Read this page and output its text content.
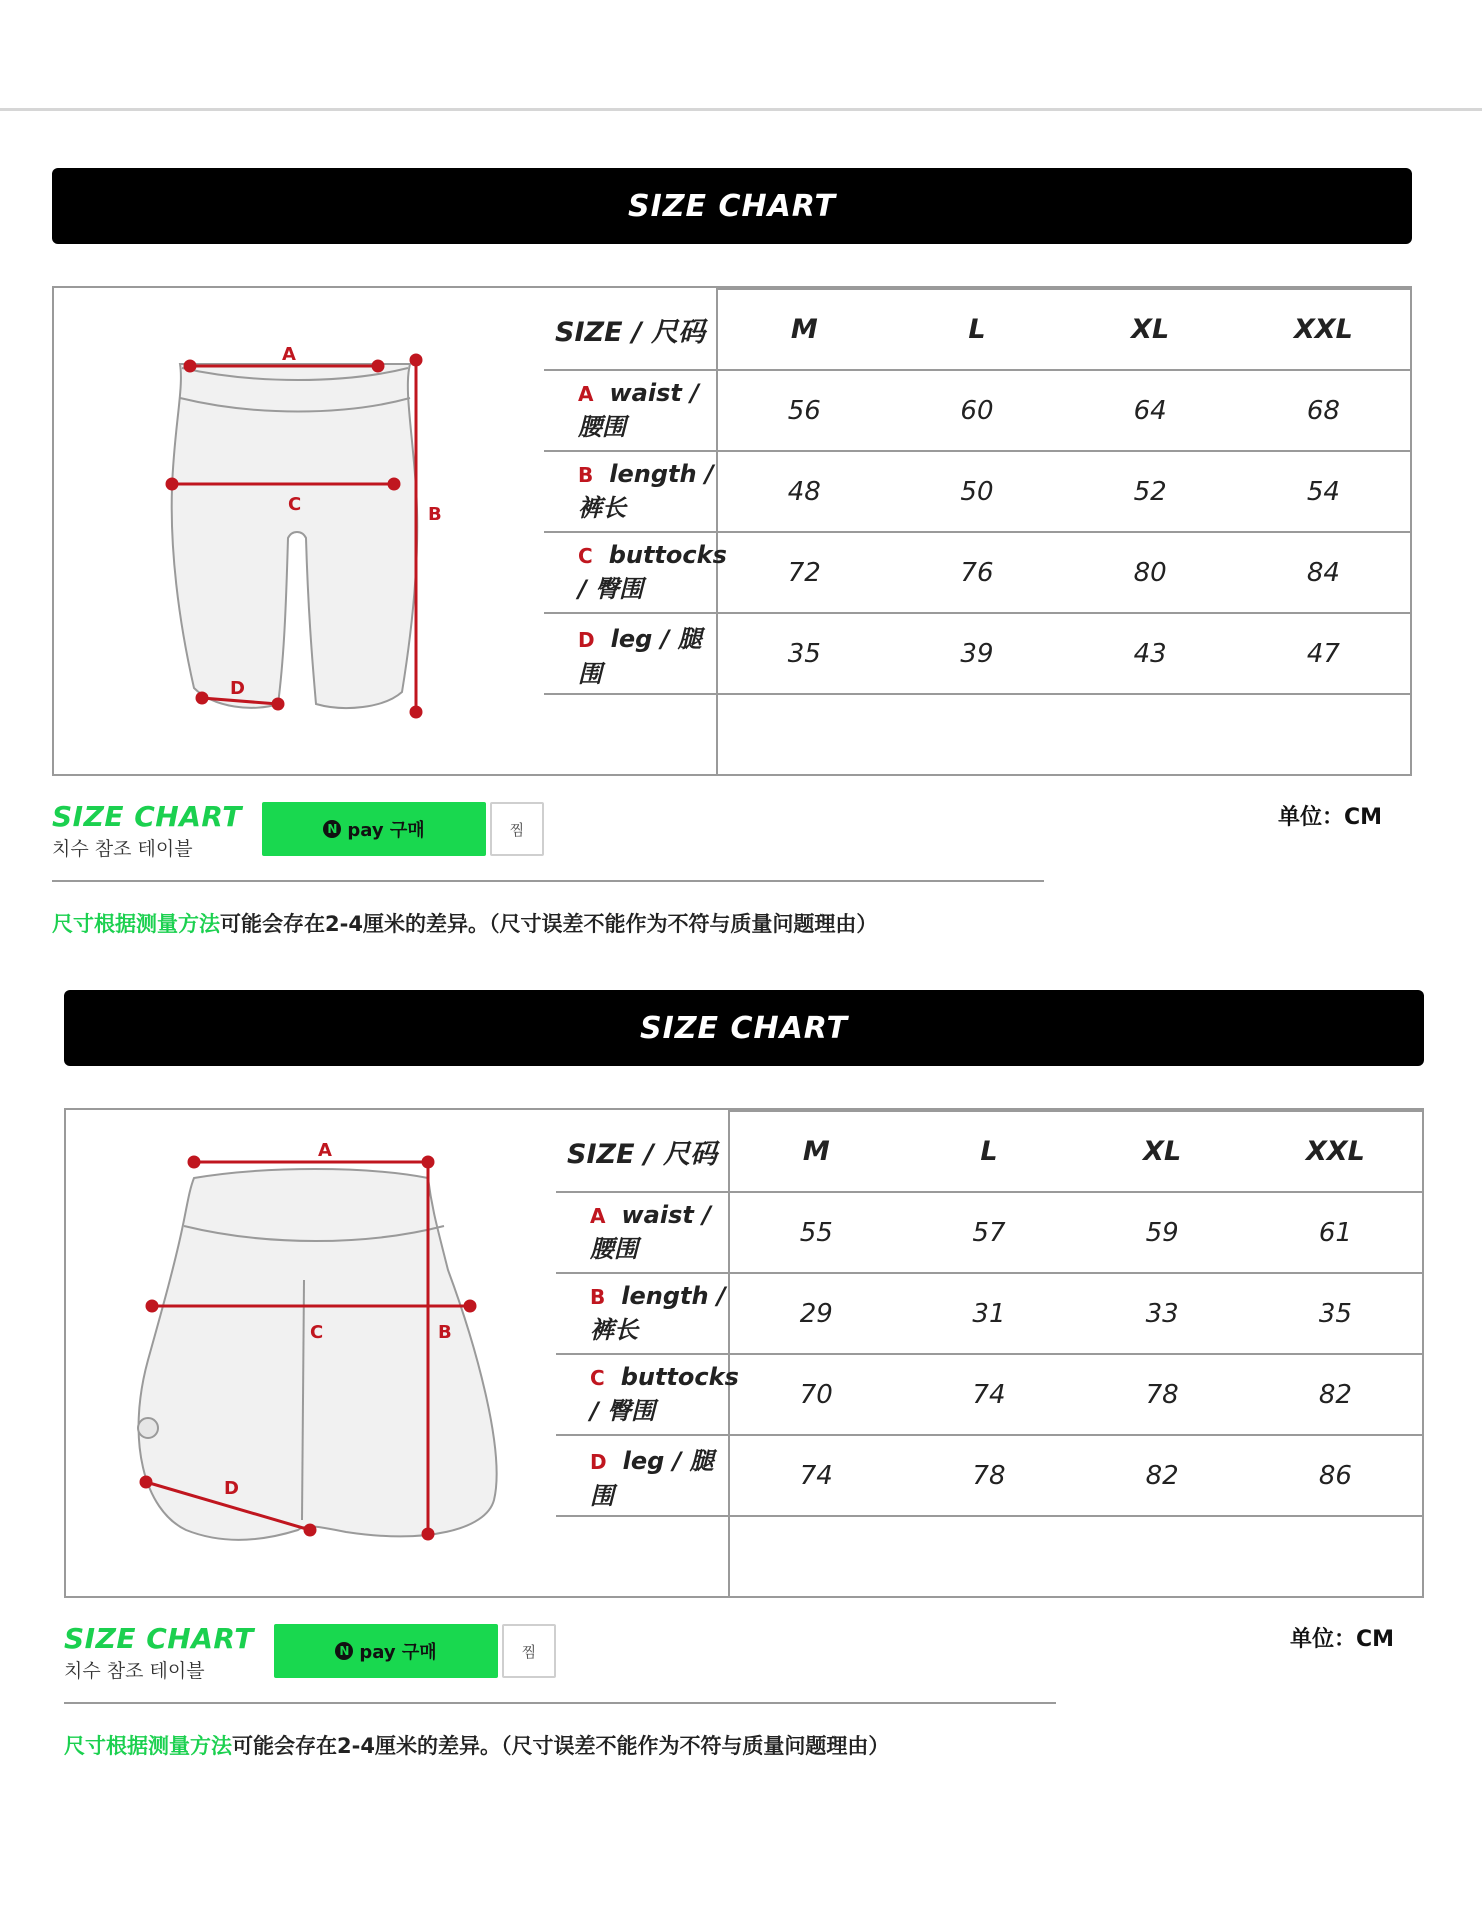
SIZE CHART
A
C	B
D
SIZE / 尺码	M	L	XL	XXL
A waist / 腰围	56	60	64	68
B length / 裤长	48	50	52	54
C buttocks / 臀围	72	76	80	84
D leg / 腿围	35	39	43	47

单位：CM
SIZE CHART
치수 참조 테이블
N pay 구매	찜
尺寸根据测量方法可能会存在2-4厘米的差异。（尺寸误差不能作为不符与质量问题理由）
SIZE CHART
A
C	B
D
SIZE / 尺码	M	L	XL	XXL
A waist / 腰围	55	57	59	61
B length / 裤长	29	31	33	35
C buttocks / 臀围	70	74	78	82
D leg / 腿围	74	78	82	86

单位：CM
SIZE CHART
치수 참조 테이블
N pay 구매	찜
尺寸根据测量方法可能会存在2-4厘米的差异。（尺寸误差不能作为不符与质量问题理由）
